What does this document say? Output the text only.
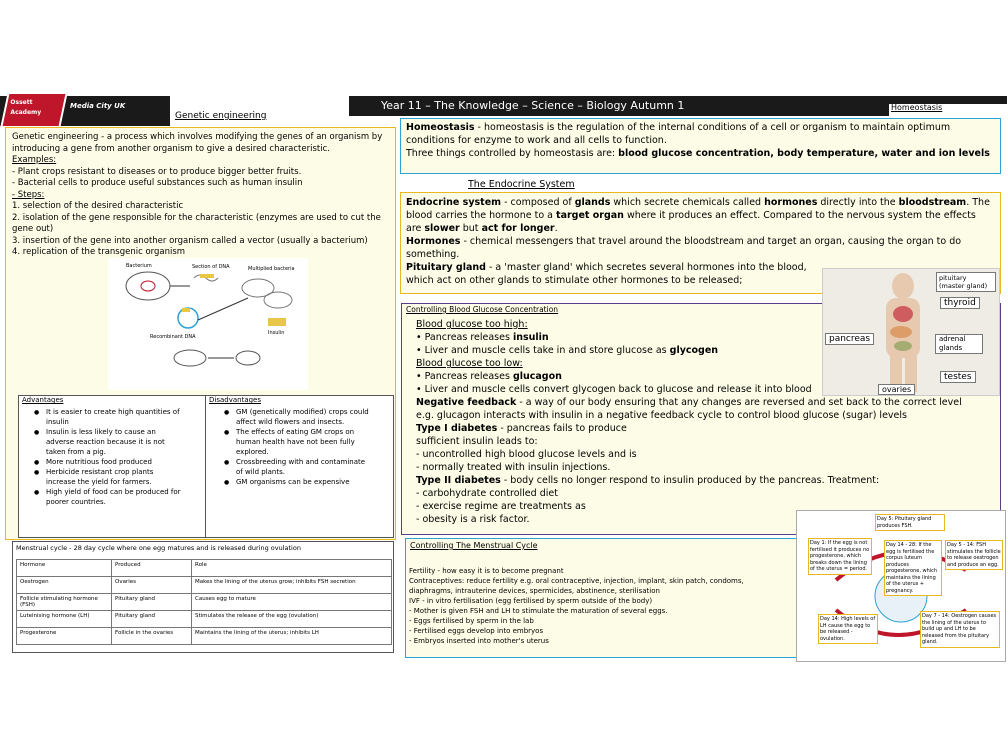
Ossett Academy
Media City UK
Genetic engineering
Year 11 – The Knowledge – Science – Biology Autumn 1	Homeostasis
Genetic engineering - a process which involves modifying the genes of an organism by introducing a gene from another organism to give a desired characteristic.
Examples:
- Plant crops resistant to diseases or to produce bigger better fruits.
- Bacterial cells to produce useful substances such as human insulin
- Steps:
1. selection of the desired characteristic
2. isolation of the gene responsible for the characteristic (enzymes are used to cut the gene out)
3. insertion of the gene into another organism called a vector (usually a bacterium)
4. replication of the transgenic organism
Bacterium	Section of DNA
Recombinant DNA
Multiplied bacteria
Insulin
Advantages
● It is easier to create high quantities of insulin
● Insulin is less likely to cause an adverse reaction because it is not taken from a pig.
● More nutritious food produced
● Herbicide resistant crop plants increase the yield for farmers.
● High yield of food can be produced for poorer countries.
Disadvantages
● GM (genetically modified) crops could affect wild flowers and insects.
● The effects of eating GM crops on human health have not been fully explored.
● Crossbreeding with and contaminate of wild plants.
● GM organisms can be expensive
Menstrual cycle - 28 day cycle where one egg matures and is released during ovulation
Hormone	Produced	Role
Oestrogen	Ovaries	Makes the lining of the uterus grow; inhibits FSH secretion
Follicle stimulating hormone (FSH)	Pituitary gland	Causes egg to mature
Luteinising hormone (LH)	Pituitary gland	Stimulates the release of the egg (ovulation)
Progesterone	Follicle in the ovaries	Maintains the lining of the uterus; inhibits LH
Homeostasis - homeostasis is the regulation of the internal conditions of a cell or organism to maintain optimum conditions for enzyme to work and all cells to function.
Three things controlled by homeostasis are: blood glucose concentration, body temperature, water and ion levels
The Endocrine System
Endocrine system - composed of glands which secrete chemicals called hormones directly into the bloodstream. The blood carries the hormone to a target organ where it produces an effect. Compared to the nervous system the effects are slower but act for longer.
Hormones - chemical messengers that travel around the bloodstream and target an organ, causing the organ to do something.
Pituitary gland - a 'master gland' which secretes several hormones into the blood, which act on other glands to stimulate other hormones to be released;
Controlling Blood Glucose Concentration
Blood glucose too high:
• Pancreas releases insulin
• Liver and muscle cells take in and store glucose as glycogen
Blood glucose too low:
• Pancreas releases glucagon
• Liver and muscle cells convert glycogen back to glucose and release it into blood
Negative feedback - a way of our body ensuring that any changes are reversed and set back to the correct level e.g. glucagon interacts with insulin in a negative feedback cycle to control blood glucose (sugar) levels
Type I diabetes - pancreas fails to produce
sufficient insulin leads to:
- uncontrolled high blood glucose levels and is
- normally treated with insulin injections.
Type II diabetes - body cells no longer respond to insulin produced by the pancreas. Treatment:
- carbohydrate controlled diet
- exercise regime are treatments as
- obesity is a risk factor.
pituitary (master gland)
thyroid
pancreas	adrenal glands
testes
ovaries
Controlling The Menstrual Cycle
Fertility - how easy it is to become pregnant
Contraceptives: reduce fertility e.g. oral contraceptive, injection, implant, skin patch, condoms,
diaphragms, intrauterine devices, spermicides, abstinence, sterilisation
IVF - in vitro fertilisation (egg fertilised by sperm outside of the body)
- Mother is given FSH and LH to stimulate the maturation of several eggs.
- Eggs fertilised by sperm in the lab
- Fertilised eggs develop into embryos
- Embryos inserted into mother's uterus
Day 5: Pituitary gland produces FSH.
Day 1: If the egg is not fertilised it produces no progesterone, which breaks down the lining of the uterus = period.
Day 14 - 28: If the egg is fertilised the corpus luteum produces progesterone, which maintains the lining of the uterus + pregnancy.
Day 5 - 14: FSH stimulates the follicle to release oestrogen and produce an egg.
Day 14: High levels of LH cause the egg to be released - ovulation.
Day 7 - 14: Oestrogen causes the lining of the uterus to build up and LH to be released from the pituitary gland.
